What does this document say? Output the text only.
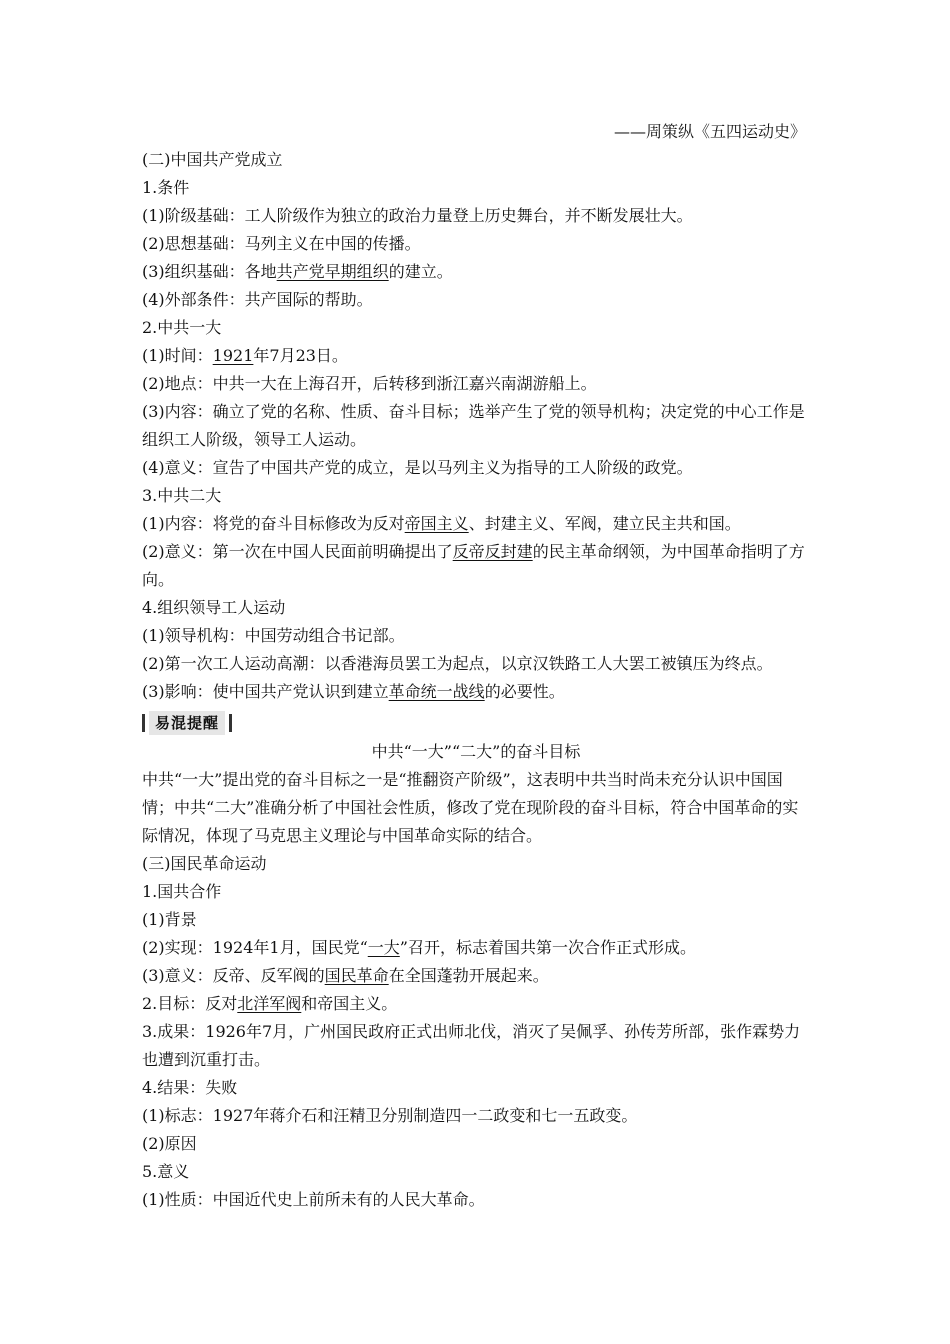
——周策纵《五四运动史》
(二)中国共产党成立
1.条件
(1)阶级基础：工人阶级作为独立的政治力量登上历史舞台，并不断发展壮大。
(2)思想基础：马列主义在中国的传播。
(3)组织基础：各地共产党早期组织的建立。
(4)外部条件：共产国际的帮助。
2.中共一大
(1)时间：1921年7月23日。
(2)地点：中共一大在上海召开，后转移到浙江嘉兴南湖游船上。
(3)内容：确立了党的名称、性质、奋斗目标；选举产生了党的领导机构；决定党的中心工作是组织工人阶级，领导工人运动。
(4)意义：宣告了中国共产党的成立，是以马列主义为指导的工人阶级的政党。
3.中共二大
(1)内容：将党的奋斗目标修改为反对帝国主义、封建主义、军阀，建立民主共和国。
(2)意义：第一次在中国人民面前明确提出了反帝反封建的民主革命纲领，为中国革命指明了方向。
4.组织领导工人运动
(1)领导机构：中国劳动组合书记部。
(2)第一次工人运动高潮：以香港海员罢工为起点，以京汉铁路工人大罢工被镇压为终点。
(3)影响：使中国共产党认识到建立革命统一战线的必要性。
易混提醒
中共“一大”“二大”的奋斗目标
中共“一大”提出党的奋斗目标之一是“推翻资产阶级”，这表明中共当时尚未充分认识中国国情；中共“二大”准确分析了中国社会性质，修改了党在现阶段的奋斗目标，符合中国革命的实际情况，体现了马克思主义理论与中国革命实际的结合。
(三)国民革命运动
1.国共合作
(1)背景
(2)实现：1924年1月，国民党“一大”召开，标志着国共第一次合作正式形成。
(3)意义：反帝、反军阀的国民革命在全国蓬勃开展起来。
2.目标：反对北洋军阀和帝国主义。
3.成果：1926年7月，广州国民政府正式出师北伐，消灭了吴佩孚、孙传芳所部，张作霖势力也遭到沉重打击。
4.结果：失败
(1)标志：1927年蒋介石和汪精卫分别制造四一二政变和七一五政变。
(2)原因
5.意义
(1)性质：中国近代史上前所未有的人民大革命。
